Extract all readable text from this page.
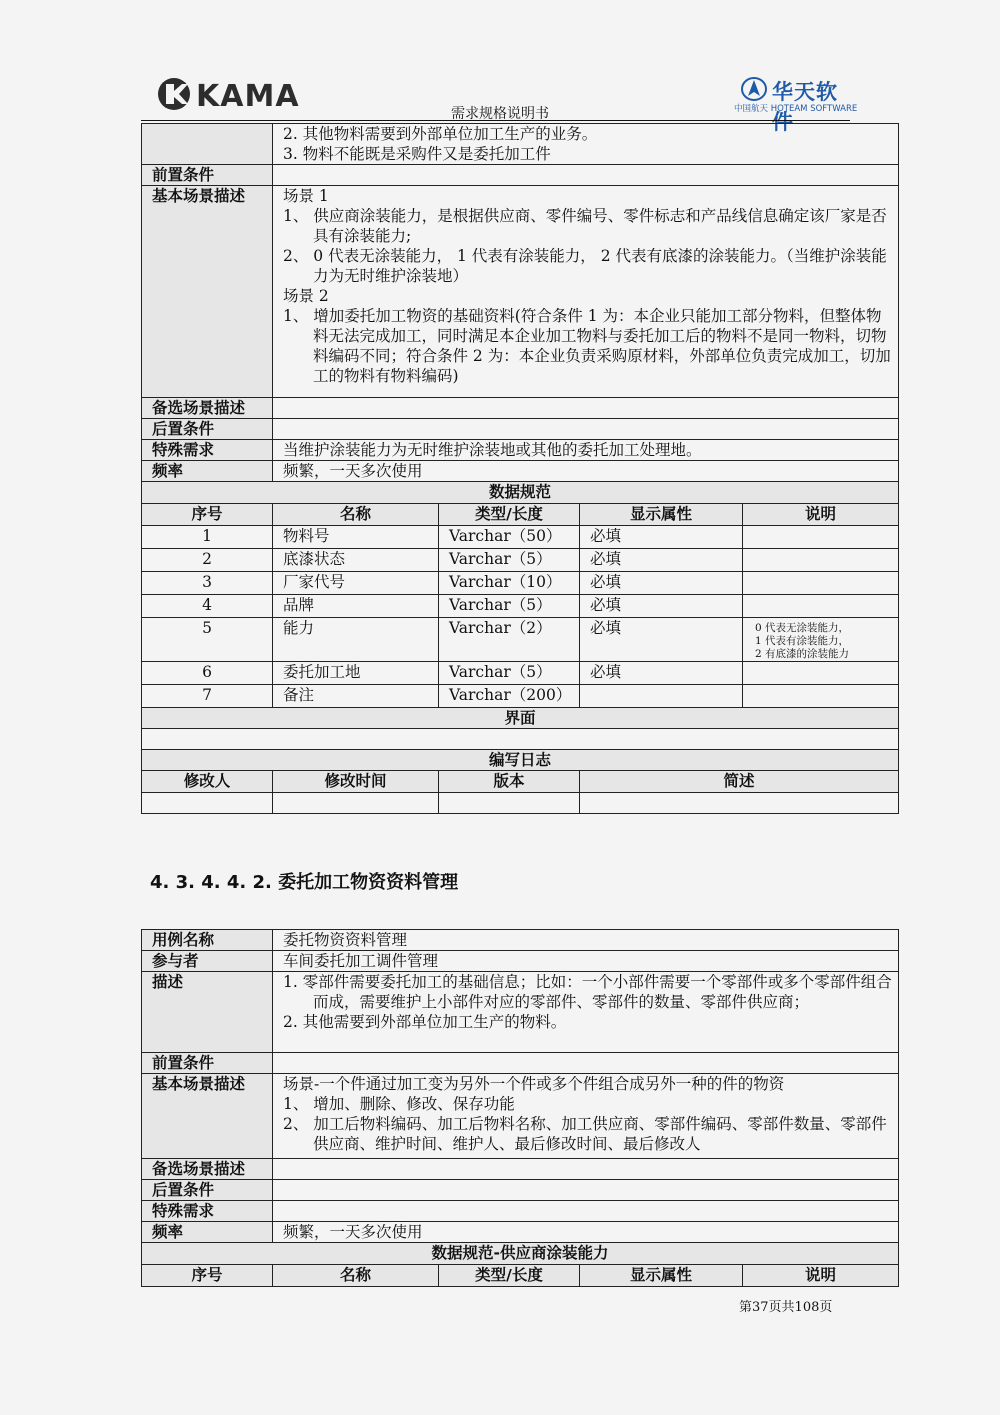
KAMA	华天软件
中国航天 HOTEAM SOFTWARE
需求规格说明书

	2. 其他物料需要到外部单位加工生产的业务。
3. 物料不能既是采购件又是委托加工件			

前置条件				
基本场景描述	场景 1
1、 供应商涂装能力，是根据供应商、零件编号、零件标志和产品线信息确定该厂家是否具有涂装能力;
2、 0 代表无涂装能力， 1 代表有涂装能力， 2 代表有底漆的涂装能力。（当维护涂装能力为无时维护涂装地）
场景 2
1、 增加委托加工物资的基础资料(符合条件 1 为：本企业只能加工部分物料，但整体物料无法完成加工，同时满足本企业加工物料与委托加工后的物料不是同一物料，切物料编码不同；符合条件 2 为：本企业负责采购原材料，外部单位负责完成加工，切加工的物料有物料编码)			

备选场景描述				
后置条件				
特殊需求	当维护涂装能力为无时维护涂装地或其他的委托加工处理地。			
频率	频繁，一天多次使用			
数据规范				
序号	名称	类型/长度	显示属性	说明
1	物料号	Varchar（50）	必填	
2	底漆状态	Varchar（5）	必填	
3	厂家代号	Varchar（10）	必填	
4	品牌	Varchar（5）	必填	
5	能力	Varchar（2）	必填	0 代表无涂装能力，
1 代表有涂装能力，
2 有底漆的涂装能力
6	委托加工地	Varchar（5）	必填	
7	备注	Varchar（200）		
界面				

编写日志				
修改人	修改时间	版本	简述	

4. 3. 4. 4. 2. 委托加工物资资料管理
用例名称	委托物资资料管理			
参与者	车间委托加工调件管理			
描述	1. 零部件需要委托加工的基础信息；比如：一个小部件需要一个零部件或多个零部件组合而成，需要维护上小部件对应的零部件、零部件的数量、零部件供应商；
2. 其他需要到外部单位加工生产的物料。			

前置条件				
基本场景描述	场景-一个件通过加工变为另外一个件或多个件组合成另外一种的件的物资
1、 增加、删除、修改、保存功能
2、 加工后物料编码、加工后物料名称、加工供应商、零部件编码、零部件数量、零部件供应商、维护时间、维护人、最后修改时间、最后修改人			

备选场景描述				
后置条件				
特殊需求				
频率	频繁，一天多次使用			
数据规范-供应商涂装能力				
序号	名称	类型/长度	显示属性	说明
第37页共108页
